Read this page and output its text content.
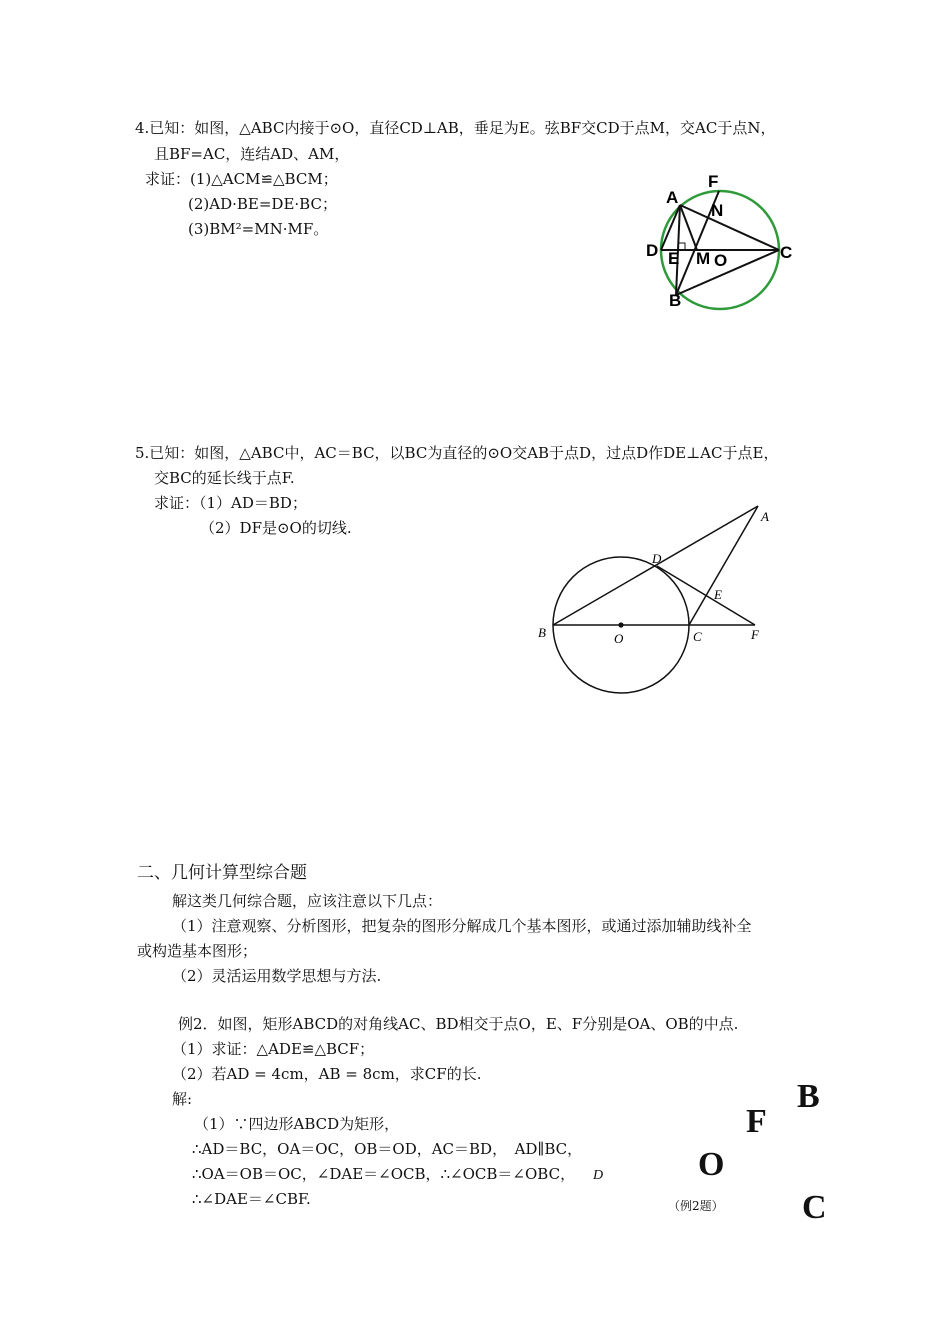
4.已知：如图，△ABC内接于⊙O，直径CD⊥AB，垂足为E。弦BF交CD于点M，交AC于点N，
且BF=AC，连结AD、AM，
求证：(1)△ACM≌△BCM；
(2)AD·BE=DE·BC；
(3)BM²=MN·MF。
A
F
N
D E M O	C
B
A
D
E
B	O	C	F
5.已知：如图，△ABC中，AC＝BC，以BC为直径的⊙O交AB于点D，过点D作DE⊥AC于点E，
交BC的延长线于点F.
求证：（1）AD＝BD；
（2）DF是⊙O的切线.
二、几何计算型综合题
解这类几何综合题，应该注意以下几点：
（1）注意观察、分析图形，把复杂的图形分解成几个基本图形，或通过添加辅助线补全
或构造基本图形；
（2）灵活运用数学思想与方法.
例2．如图，矩形ABCD的对角线AC、BD相交于点O，E、F分别是OA、OB的中点.
（1）求证：△ADE≌△BCF；
（2）若AD = 4cm，AB = 8cm，求CF的长.
解:
（1）∵四边形ABCD为矩形，
∴AD＝BC，OA＝OC，OB＝OD，AC＝BD，　AD∥BC，
∴OA＝OB＝OC，∠DAE＝∠OCB，∴∠OCB＝∠OBC，
∴∠DAE＝∠CBF.
B
F
O
C
D
（例2题）
